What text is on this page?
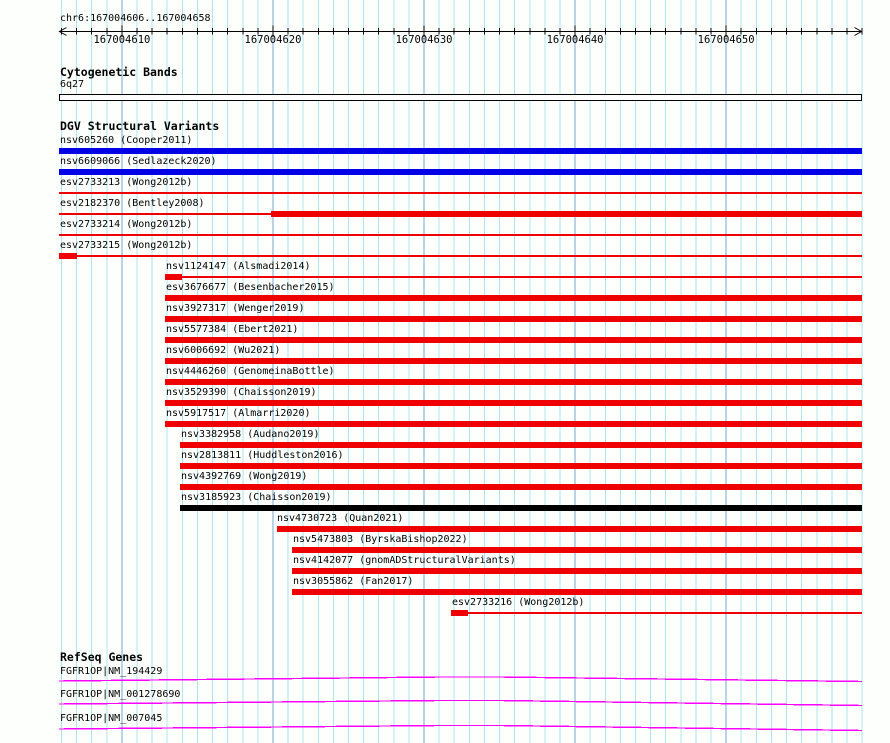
chr6:167004606..167004658
167004610	167004620	167004630	167004640	167004650
Cytogenetic Bands
6q27
DGV Structural Variants
nsv605260 (Cooper2011)
nsv6609066 (Sedlazeck2020)
esv2733213 (Wong2012b)
esv2182370 (Bentley2008)
esv2733214 (Wong2012b)
esv2733215 (Wong2012b)
nsv1124147 (Alsmadi2014)
esv3676677 (Besenbacher2015)
nsv3927317 (Wenger2019)
nsv5577384 (Ebert2021)
nsv6006692 (Wu2021)
nsv4446260 (GenomeinaBottle)
nsv3529390 (Chaisson2019)
nsv5917517 (Almarri2020)
nsv3382958 (Audano2019)
nsv2813811 (Huddleston2016)
nsv4392769 (Wong2019)
nsv3185923 (Chaisson2019)
nsv4730723 (Quan2021)
nsv5473803 (ByrskaBishop2022)
nsv4142077 (gnomADStructuralVariants)
nsv3055862 (Fan2017)
esv2733216 (Wong2012b)
RefSeq Genes
FGFR1OP|NM_194429
FGFR1OP|NM_001278690
FGFR1OP|NM_007045
